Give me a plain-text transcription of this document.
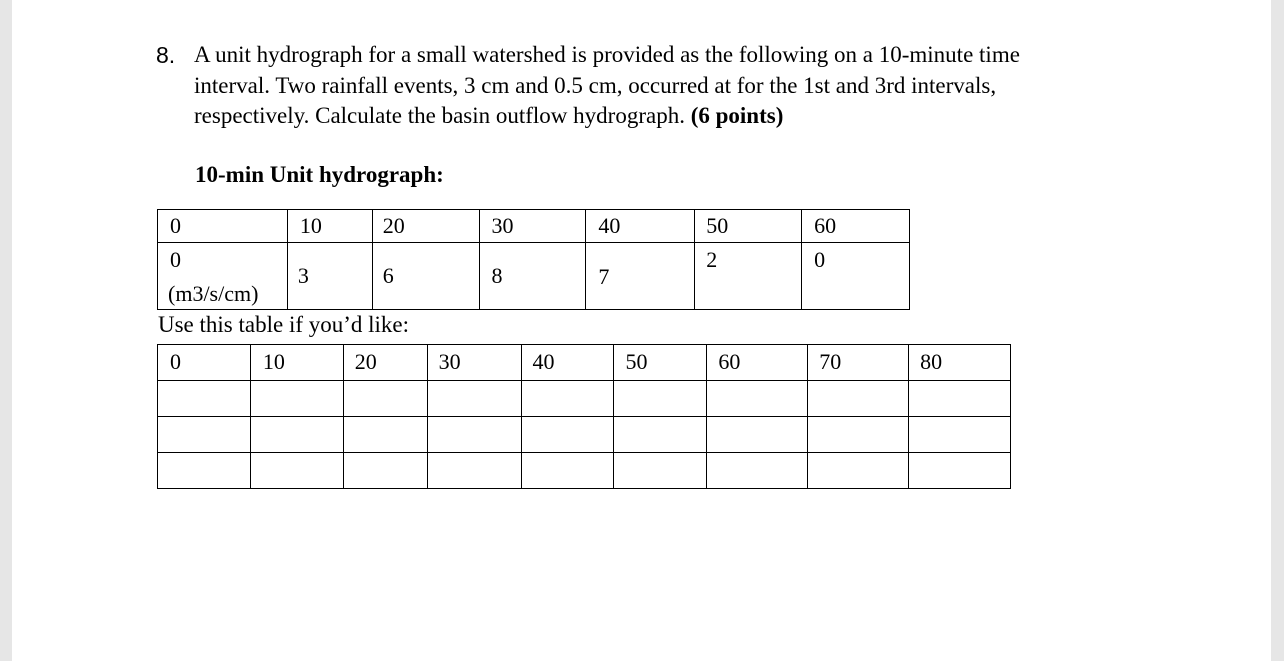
8. A unit hydrograph for a small watershed is provided as the following on a 10-minute time
interval. Two rainfall events, 3 cm and 0.5 cm, occurred at for the 1st and 3rd intervals,
respectively. Calculate the basin outflow hydrograph. (6 points)
10-min Unit hydrograph:
0	10	20	30	40	50	60

0
(m3/s/cm)	3	6	8	7	2	0
Use this table if you’d like:
0	10	20	30	40	50	60	70	80
